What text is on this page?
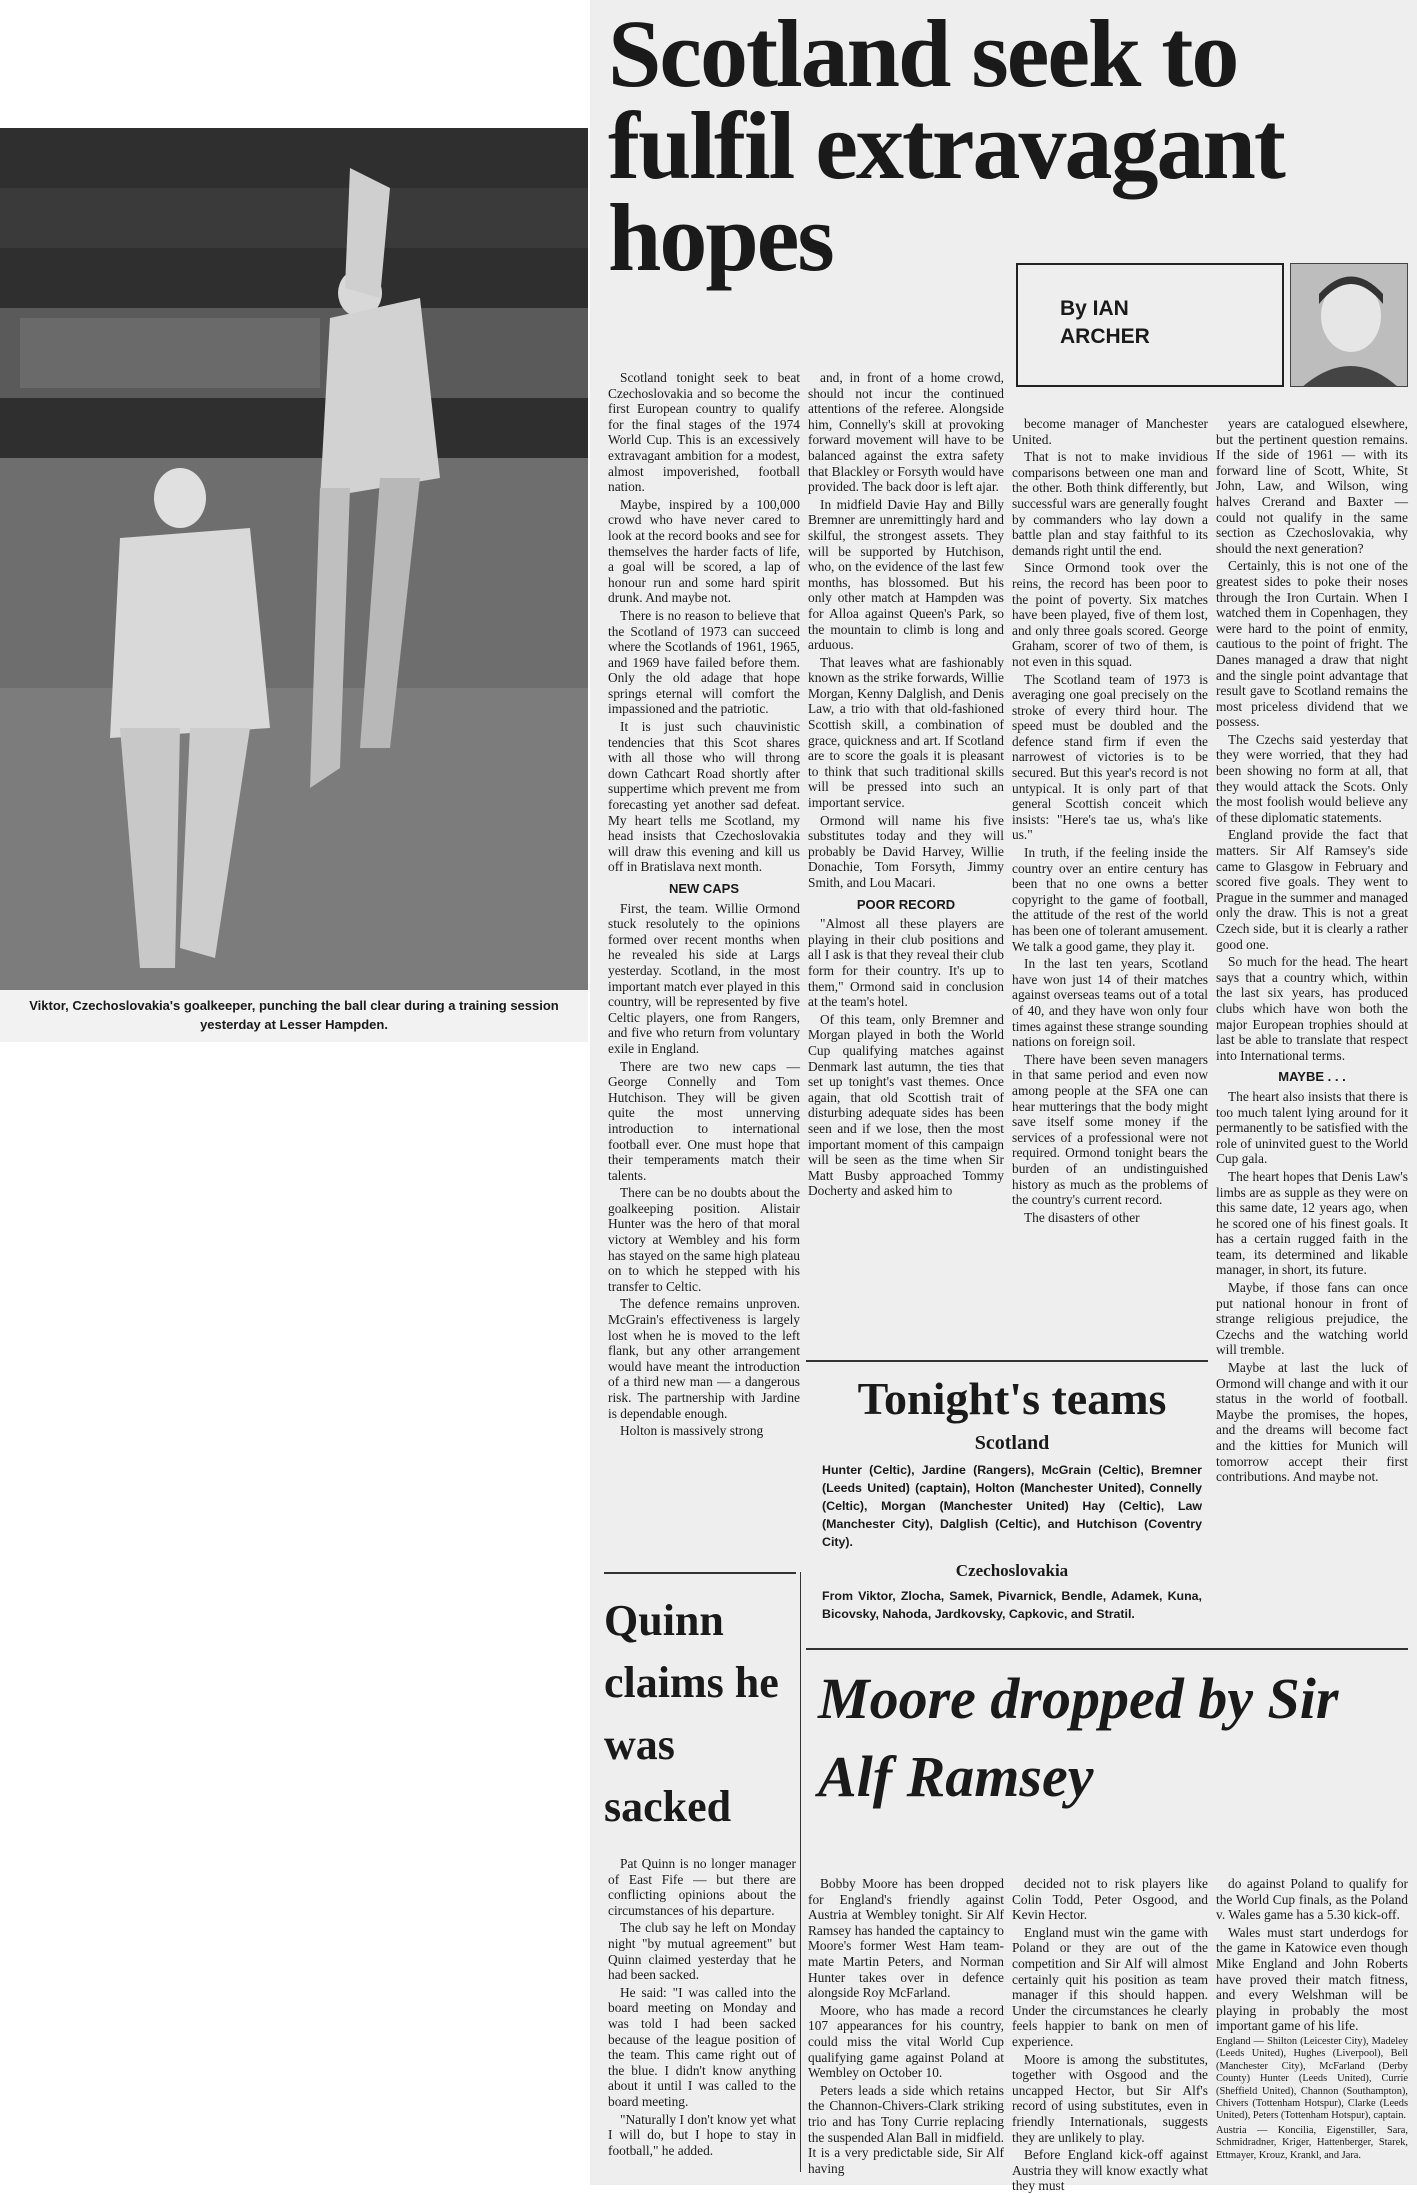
Viktor, Czechoslovakia's goalkeeper, punching the ball clear during a training session yesterday at Lesser Hampden.
Scotland seek to fulfil extravagant hopes
By IAN ARCHER

Scotland tonight seek to beat Czechoslovakia and so become the first European country to qualify for the final stages of the 1974 World Cup. This is an excessively extravagant ambition for a modest, almost impoverished, football nation.

Maybe, inspired by a 100,000 crowd who have never cared to look at the record books and see for themselves the harder facts of life, a goal will be scored, a lap of honour run and some hard spirit drunk. And maybe not.

There is no reason to believe that the Scotland of 1973 can succeed where the Scotlands of 1961, 1965, and 1969 have failed before them. Only the old adage that hope springs eternal will comfort the impassioned and the patriotic.

It is just such chauvinistic tendencies that this Scot shares with all those who will throng down Cathcart Road shortly after suppertime which prevent me from forecasting yet another sad defeat. My heart tells me Scotland, my head insists that Czechoslovakia will draw this evening and kill us off in Bratislava next month.

NEW CAPS

First, the team. Willie Ormond stuck resolutely to the opinions formed over recent months when he revealed his side at Largs yesterday. Scotland, in the most important match ever played in this country, will be represented by five Celtic players, one from Rangers, and five who return from voluntary exile in England.

There are two new caps — George Connelly and Tom Hutchison. They will be given quite the most unnerving introduction to international football ever. One must hope that their temperaments match their talents.

There can be no doubts about the goalkeeping position. Alistair Hunter was the hero of that moral victory at Wembley and his form has stayed on the same high plateau on to which he stepped with his transfer to Celtic.

The defence remains unproven. McGrain's effectiveness is largely lost when he is moved to the left flank, but any other arrangement would have meant the introduction of a third new man — a dangerous risk. The partnership with Jardine is dependable enough.

Holton is massively strong

and, in front of a home crowd, should not incur the continued attentions of the referee. Alongside him, Connelly's skill at provoking forward movement will have to be balanced against the extra safety that Blackley or Forsyth would have provided. The back door is left ajar.

In midfield Davie Hay and Billy Bremner are unremittingly hard and skilful, the strongest assets. They will be supported by Hutchison, who, on the evidence of the last few months, has blossomed. But his only other match at Hampden was for Alloa against Queen's Park, so the mountain to climb is long and arduous.

That leaves what are fashionably known as the strike forwards, Willie Morgan, Kenny Dalglish, and Denis Law, a trio with that old-fashioned Scottish skill, a combination of grace, quickness and art. If Scotland are to score the goals it is pleasant to think that such traditional skills will be pressed into such an important service.

Ormond will name his five substitutes today and they will probably be David Harvey, Willie Donachie, Tom Forsyth, Jimmy Smith, and Lou Macari.

POOR RECORD

"Almost all these players are playing in their club positions and all I ask is that they reveal their club form for their country. It's up to them," Ormond said in conclusion at the team's hotel.

Of this team, only Bremner and Morgan played in both the World Cup qualifying matches against Denmark last autumn, the ties that set up tonight's vast themes. Once again, that old Scottish trait of disturbing adequate sides has been seen and if we lose, then the most important moment of this campaign will be seen as the time when Sir Matt Busby approached Tommy Docherty and asked him to

become manager of Manchester United.

That is not to make invidious comparisons between one man and the other. Both think differently, but successful wars are generally fought by commanders who lay down a battle plan and stay faithful to its demands right until the end.

Since Ormond took over the reins, the record has been poor to the point of poverty. Six matches have been played, five of them lost, and only three goals scored. George Graham, scorer of two of them, is not even in this squad.

The Scotland team of 1973 is averaging one goal precisely on the stroke of every third hour. The speed must be doubled and the defence stand firm if even the narrowest of victories is to be secured. But this year's record is not untypical. It is only part of that general Scottish conceit which insists: "Here's tae us, wha's like us."

In truth, if the feeling inside the country over an entire century has been that no one owns a better copyright to the game of football, the attitude of the rest of the world has been one of tolerant amusement. We talk a good game, they play it.

In the last ten years, Scotland have won just 14 of their matches against overseas teams out of a total of 40, and they have won only four times against these strange sounding nations on foreign soil.

There have been seven managers in that same period and even now among people at the SFA one can hear mutterings that the body might save itself some money if the services of a professional were not required. Ormond tonight bears the burden of an undistinguished history as much as the problems of the country's current record.

The disasters of other

years are catalogued elsewhere, but the pertinent question remains. If the side of 1961 — with its forward line of Scott, White, St John, Law, and Wilson, wing halves Crerand and Baxter — could not qualify in the same section as Czechoslovakia, why should the next generation?

Certainly, this is not one of the greatest sides to poke their noses through the Iron Curtain. When I watched them in Copenhagen, they were hard to the point of enmity, cautious to the point of fright. The Danes managed a draw that night and the single point advantage that result gave to Scotland remains the most priceless dividend that we possess.

The Czechs said yesterday that they were worried, that they had been showing no form at all, that they would attack the Scots. Only the most foolish would believe any of these diplomatic statements.

England provide the fact that matters. Sir Alf Ramsey's side came to Glasgow in February and scored five goals. They went to Prague in the summer and managed only the draw. This is not a great Czech side, but it is clearly a rather good one.

So much for the head. The heart says that a country which, within the last six years, has produced clubs which have won both the major European trophies should at last be able to translate that respect into International terms.

MAYBE . . .

The heart also insists that there is too much talent lying around for it permanently to be satisfied with the role of uninvited guest to the World Cup gala.

The heart hopes that Denis Law's limbs are as supple as they were on this same date, 12 years ago, when he scored one of his finest goals. It has a certain rugged faith in the team, its determined and likable manager, in short, its future.

Maybe, if those fans can once put national honour in front of strange religious prejudice, the Czechs and the watching world will tremble.

Maybe at last the luck of Ormond will change and with it our status in the world of football. Maybe the promises, the hopes, and the dreams will become fact and the kitties for Munich will tomorrow accept their first contributions. And maybe not.

Tonight's teams
Scotland
Hunter (Celtic), Jardine (Rangers), McGrain (Celtic), Bremner (Leeds United) (captain), Holton (Manchester United), Connelly (Celtic), Morgan (Manchester United) Hay (Celtic), Law (Manchester City), Dalglish (Celtic), and Hutchison (Coventry City).
Czechoslovakia
From Viktor, Zlocha, Samek, Pivarnick, Bendle, Adamek, Kuna, Bicovsky, Nahoda, Jardkovsky, Capkovic, and Stratil.
Quinn claims he was sacked

Pat Quinn is no longer manager of East Fife — but there are conflicting opinions about the circumstances of his departure.

The club say he left on Monday night "by mutual agreement" but Quinn claimed yesterday that he had been sacked.

He said: "I was called into the board meeting on Monday and was told I had been sacked because of the league position of the team. This came right out of the blue. I didn't know anything about it until I was called to the board meeting.

"Naturally I don't know yet what I will do, but I hope to stay in football," he added.

Moore dropped by Sir Alf Ramsey

Bobby Moore has been dropped for England's friendly against Austria at Wembley tonight. Sir Alf Ramsey has handed the captaincy to Moore's former West Ham team-mate Martin Peters, and Norman Hunter takes over in defence alongside Roy McFarland.

Moore, who has made a record 107 appearances for his country, could miss the vital World Cup qualifying game against Poland at Wembley on October 10.

Peters leads a side which retains the Channon-Chivers-Clark striking trio and has Tony Currie replacing the suspended Alan Ball in midfield. It is a very predictable side, Sir Alf having

decided not to risk players like Colin Todd, Peter Osgood, and Kevin Hector.

England must win the game with Poland or they are out of the competition and Sir Alf will almost certainly quit his position as team manager if this should happen. Under the circumstances he clearly feels happier to bank on men of experience.

Moore is among the substitutes, together with Osgood and the uncapped Hector, but Sir Alf's record of using substitutes, even in friendly Internationals, suggests they are unlikely to play.

Before England kick-off against Austria they will know exactly what they must

do against Poland to qualify for the World Cup finals, as the Poland v. Wales game has a 5.30 kick-off.

Wales must start underdogs for the game in Katowice even though Mike England and John Roberts have proved their match fitness, and every Welshman will be playing in probably the most important game of his life.

England — Shilton (Leicester City), Madeley (Leeds United), Hughes (Liverpool), Bell (Manchester City), McFarland (Derby County) Hunter (Leeds United), Currie (Sheffield United), Channon (Southampton), Chivers (Tottenham Hotspur), Clarke (Leeds United), Peters (Tottenham Hotspur), captain.

Austria — Koncilia, Eigenstiller, Sara, Schmidradner, Kriger, Hattenberger, Starek, Ettmayer, Krouz, Krankl, and Jara.
